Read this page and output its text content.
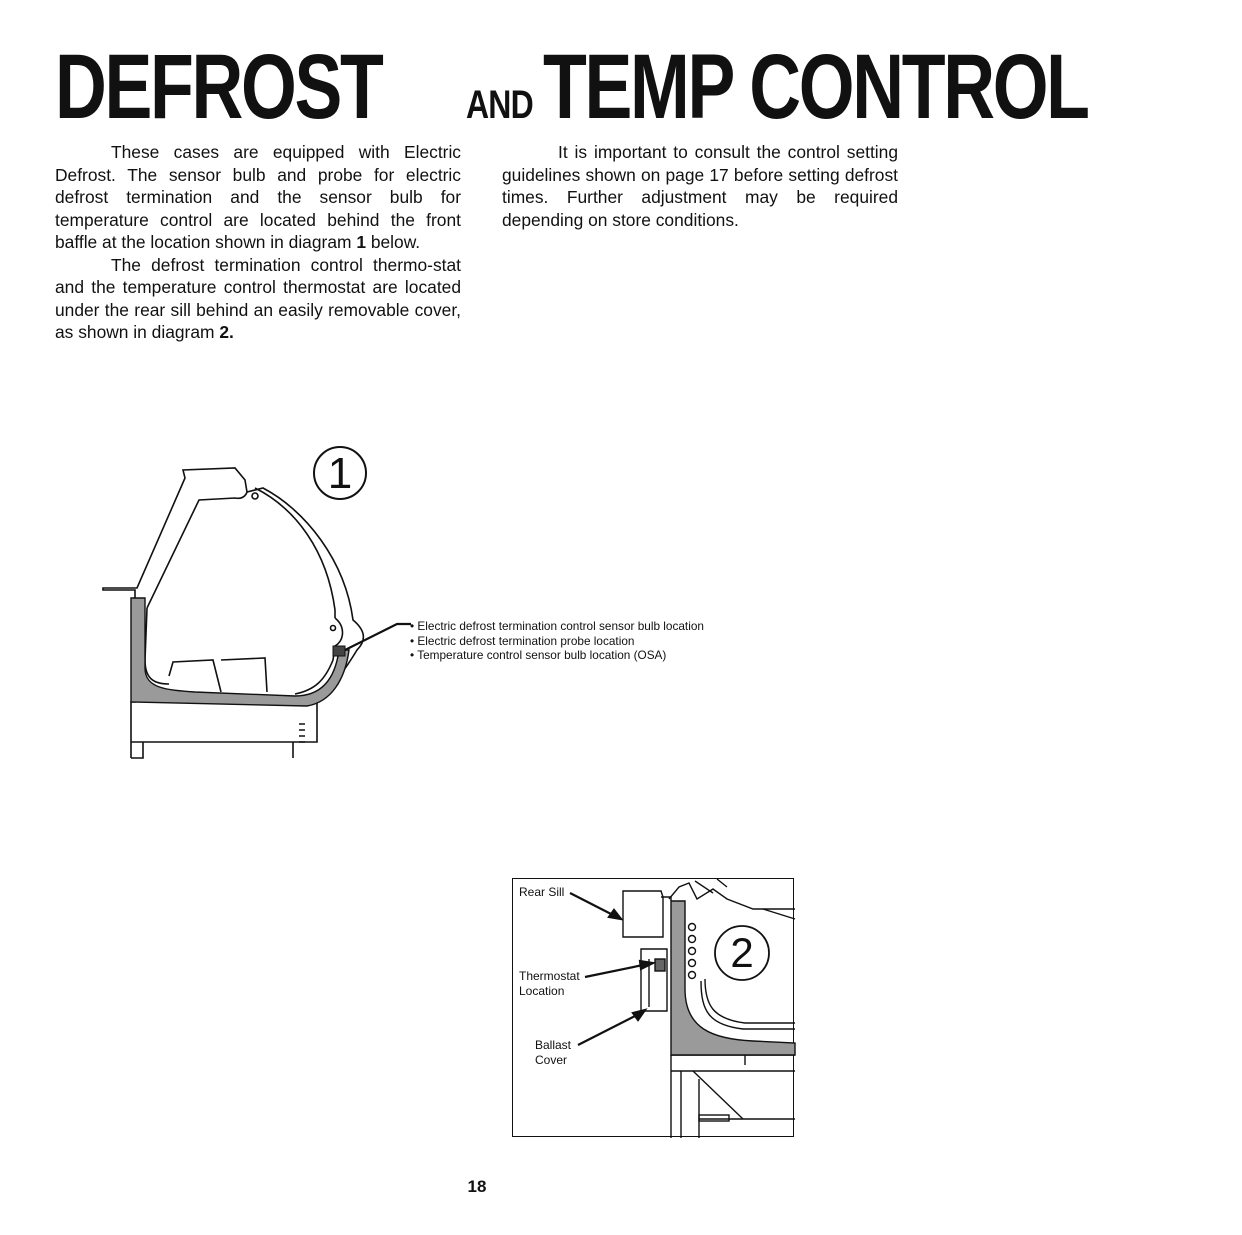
DEFROST AND TEMP CONTROL

These cases are equipped with Electric Defrost. The sensor bulb and probe for electric defrost termination and the sensor bulb for temperature control are located behind the front baffle at the location shown in diagram 1 below.

The defrost termination control thermo-stat and the temperature control thermostat are located under the rear sill behind an easily removable cover, as shown in diagram 2.

It is important to consult the control setting guidelines shown on page 17 before setting defrost times. Further adjustment may be required depending on store conditions.

1
• Electric defrost termination control sensor bulb location
• Electric defrost termination probe location
• Temperature control sensor bulb location (OSA)
2
Rear Sill
Thermostat
Location
Ballast
Cover
18
